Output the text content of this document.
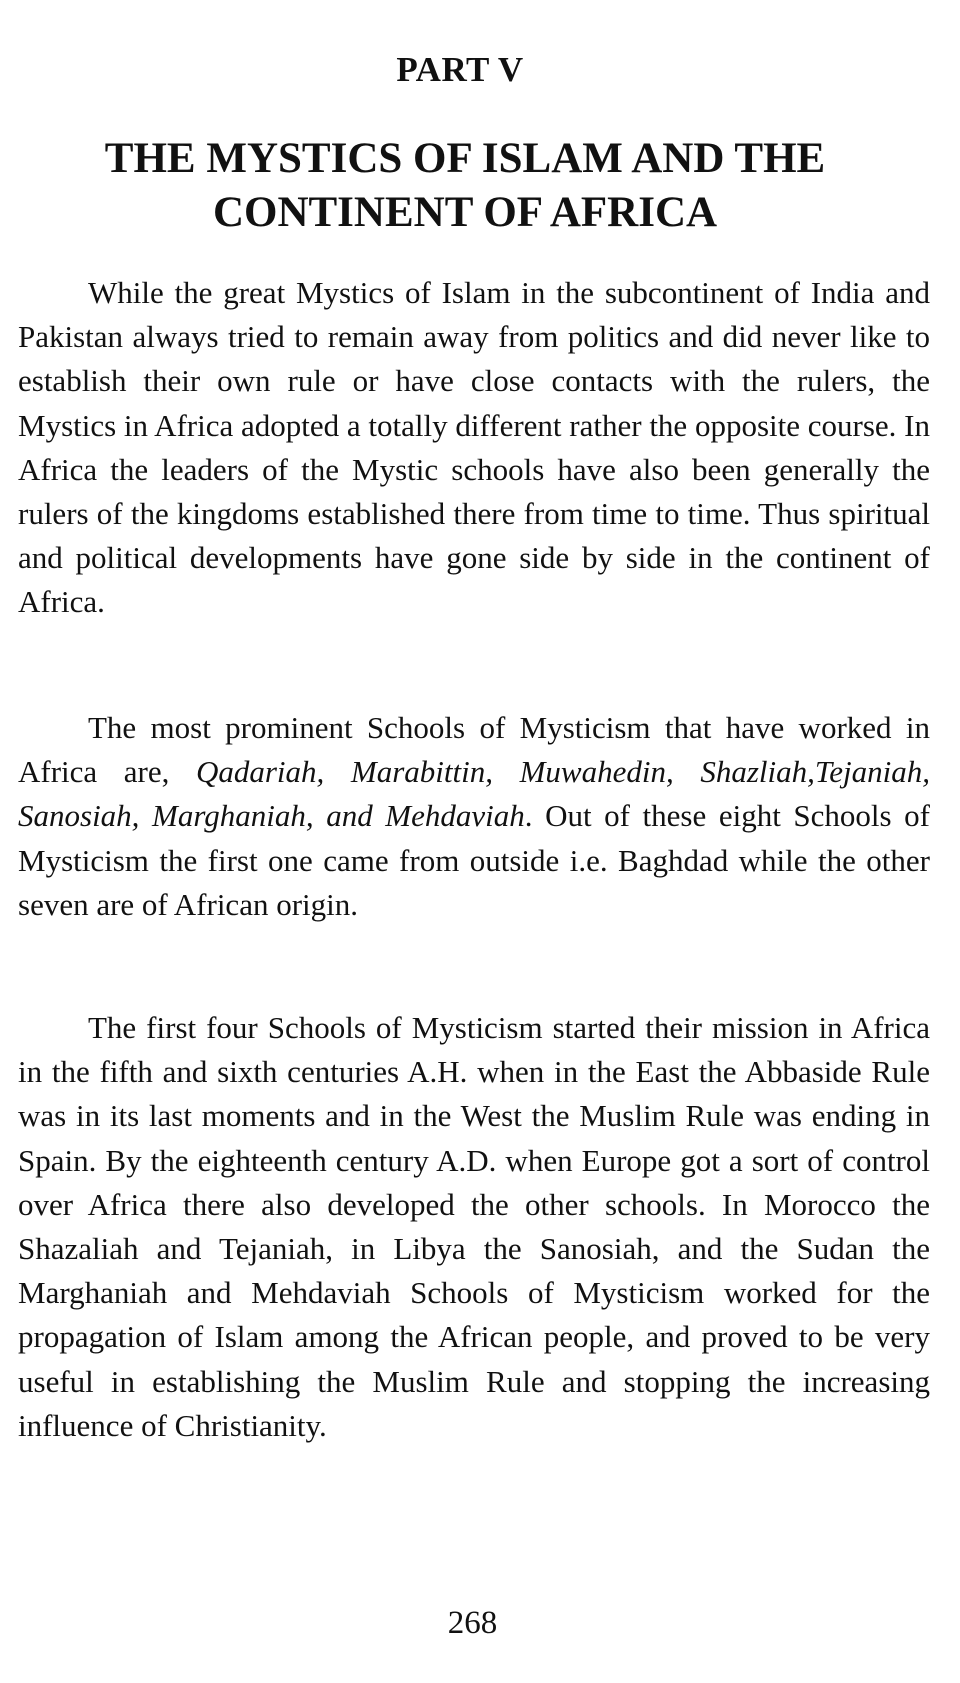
PART V
THE MYSTICS OF ISLAM AND THE
CONTINENT OF AFRICA

While the great Mystics of Islam in the subcontinent of India and Pakistan always tried to remain away from politics and did never like to establish their own rule or have close contacts with the rulers, the Mystics in Africa adopted a totally different rather the opposite course. In Africa the leaders of the Mystic schools have also been generally the rulers of the kingdoms established there from time to time. Thus spiritual and political developments have gone side by side in the continent of Africa.

The most prominent Schools of Mysticism that have worked in Africa are, Qadariah, Marabittin, Muwahedin, Shazliah,Tejaniah, Sanosiah, Marghaniah, and Mehdaviah. Out of these eight Schools of Mysticism the first one came from outside i.e. Baghdad while the other seven are of African origin.

The first four Schools of Mysticism started their mission in Africa in the fifth and sixth centuries A.H. when in the East the Abbaside Rule was in its last moments and in the West the Muslim Rule was ending in Spain. By the eighteenth century A.D. when Europe got a sort of control over Africa there also developed the other schools. In Morocco the Shazaliah and Tejaniah, in Libya the Sanosiah, and the Sudan the Marghaniah and Mehdaviah Schools of Mysticism worked for the propagation of Islam among the African people, and proved to be very useful in establishing the Muslim Rule and stopping the increasing influence of Christianity.

268
